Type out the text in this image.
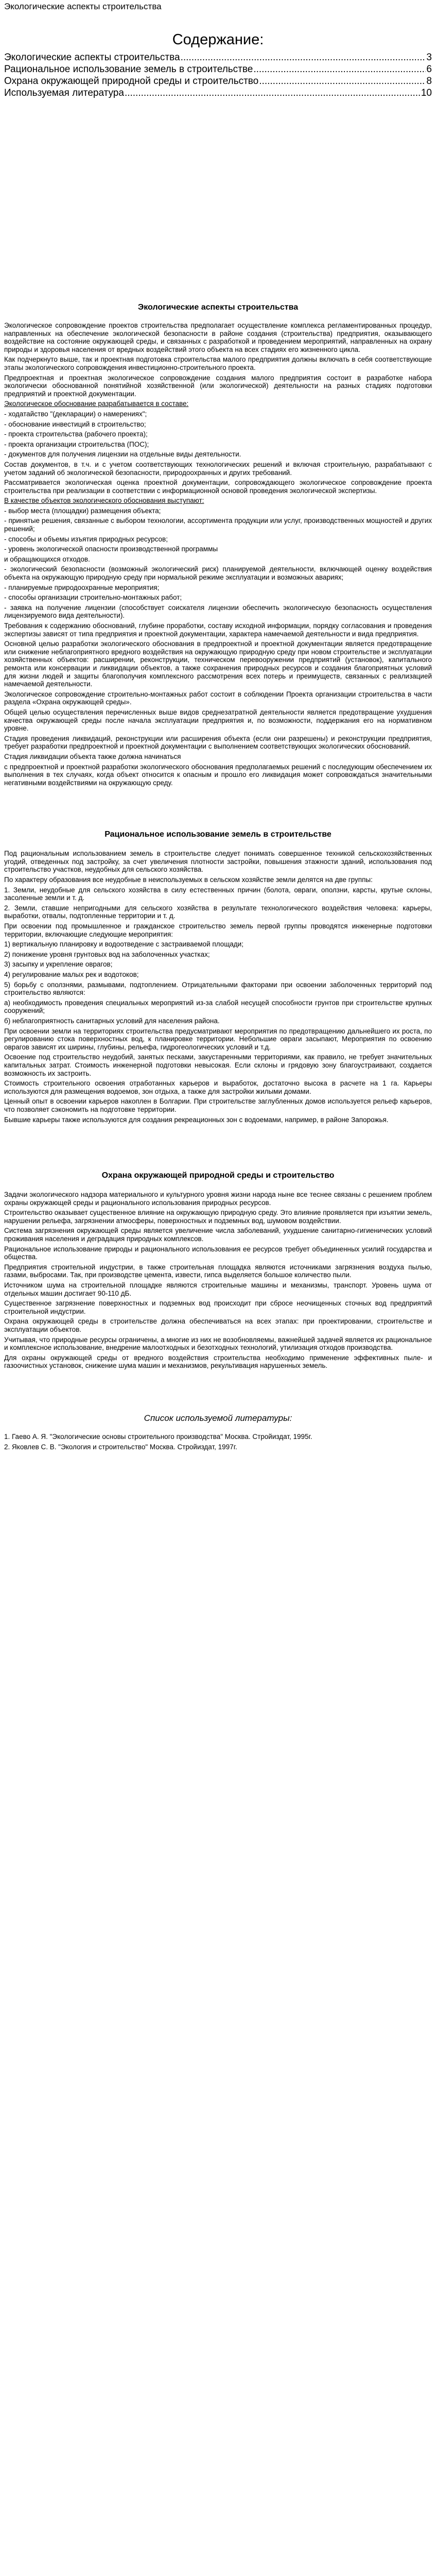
Экологические аспекты строительства
Содержание:
Экологические аспекты строительства .....	3
Рациональное использование земель в строительстве .....	6
Охрана окружающей природной среды и строительство .....	8
Используемая литература .....	10
Экологические аспекты строительства

Экологическое сопровождение проектов строительства предполагает осуществление комплекса регламентированных процедур, направленных на обеспечение экологической безопасности в районе создания (строительства) предприятия, оказывающего воздействие на состояние окружающей среды, и связанных с разработкой и проведением мероприятий, направленных на охрану природы и здоровья населения от вредных воздействий этого объекта на всех стадиях его жизненного цикла.

Как подчеркнуто выше, так и проектная подготовка строительства малого предприятия должны включать в себя соответствующие этапы экологического сопровождения инвестиционно-строительного проекта.

Предпроектная и проектная экологическое сопровождение создания малого предприятия состоит в разработке набора экологически обоснованной понятийной хозяйственной (или экологической) деятельности на разных стадиях подготовки предприятий и проектной документации.

Экологическое обоснование разрабатывается в составе:

- ходатайство "(декларации) о намерениях";

- обоснование инвестиций в строительство;

- проекта строительства (рабочего проекта);

- проекта организации строительства (ПОС);

- документов для получения лицензии на отдельные виды деятельности.

Состав документов, в т.ч. и с учетом соответствующих технологических решений и включая строительную, разрабатывают с учетом заданий об экологической безопасности, природоохранных и других требований.

Рассматривается экологическая оценка проектной документации, сопровождающего экологическое сопровождение проекта строительства при реализации в соответствии с информационной основой проведения экологической экспертизы.

В качестве объектов экологического обоснования выступают:

- выбор места (площадки) размещения объекта;

- принятые решения, связанные с выбором технологии, ассортимента продукции или услуг, производственных мощностей и других решений;

- способы и объемы изъятия природных ресурсов;

- уровень экологической опасности производственной программы

и обращающихся отходов.

- экологический безопасности (возможный экологический риск) планируемой деятельности, включающей оценку воздействия объекта на окружающую природную среду при нормальной режиме эксплуатации и возможных авариях;

- планируемые природоохранные мероприятия;

- способы организации строительно-монтажных работ;

- заявка на получение лицензии (способствует соискателя лицензии обеспечить экологическую безопасность осуществления лицензируемого вида деятельности).

Требования к содержанию обоснований, глубине проработки, составу исходной информации, порядку согласования и проведения экспертизы зависят от типа предприятия и проектной документации, характера намечаемой деятельности и вида предприятия.

Основной целью разработки экологического обоснования в предпроектной и проектной документации является предотвращение или снижение неблагоприятного вредного воздействия на окружающую природную среду при новом строительстве и эксплуатации хозяйственных объектов: расширении, реконструкции, техническом перевооружении предприятий (установок), капитального ремонта или консервации и ликвидации объектов, а также сохранения природных ресурсов и создания благоприятных условий для жизни людей и защиты благополучия комплексного рассмотрения всех потерь и преимуществ, связанных с реализацией намечаемой деятельности.

Экологическое сопровождение строительно-монтажных работ состоит в соблюдении Проекта организации строительства в части раздела «Охрана окружающей среды».

Общей целью осуществления перечисленных выше видов среднезатратной деятельности является предотвращение ухудшения качества окружающей среды после начала эксплуатации предприятия и, по возможности, поддержания его на нормативном уровне.

Стадия проведения ликвидаций, реконструкции или расширения объекта (если они разрешены) и реконструкции предприятия, требует разработки предпроектной и проектной документации с выполнением соответствующих экологических обоснований.

Стадия ликвидации объекта также должна начинаться

с предпроектной и проектной разработки экологического обоснования предполагаемых решений с последующим обеспечением их выполнения в тех случаях, когда объект относится к опасным и прошло его ликвидация может сопровождаться значительными негативными воздействиями на окружающую среду.

Рациональное использование земель в строительстве

Под рациональным использованием земель в строительстве следует понимать совершенное техникой сельскохозяйственных угодий, отведенных под застройку, за счет увеличения плотности застройки, повышения этажности зданий, использования под строительство участков, неудобных для сельского хозяйства.

По характеру образования все неудобные в неиспользуемых в сельском хозяйстве земли делятся на две группы:

1. Земли, неудобные для сельского хозяйства в силу естественных причин (болота, овраги, оползни, карсты, крутые склоны, засоленные земли и т. д.

2. Земли, ставшие непригодными для сельского хозяйства в результате технологического воздействия человека: карьеры, выработки, отвалы, подтопленные территории и т. д.

При освоении под промышленное и гражданское строительство земель первой группы проводятся инженерные подготовки территории, включающие следующие мероприятия:

1) вертикальную планировку и водоотведение с застраиваемой площади;

2) понижение уровня грунтовых вод на заболоченных участках;

3) засыпку и укрепление оврагов;

4) регулирование малых рек и водотоков;

5) борьбу с оползнями, размывами, подтоплением. Отрицательными факторами при освоении заболоченных территорий под строительство являются:

а) необходимость проведения специальных мероприятий из-за слабой несущей способности грунтов при строительстве крупных сооружений;

б) неблагоприятность санитарных условий для населения района.

При освоении земли на территориях строительства предусматривают мероприятия по предотвращению дальнейшего их роста, по регулированию стока поверхностных вод, к планировке территории. Небольшие овраги засыпают, Мероприятия по освоению оврагов зависят их ширины, глубины, рельефа, гидрогеологических условий и т.д.

Освоение под строительство неудобий, занятых песками, закустаренными территориями, как правило, не требует значительных капитальных затрат. Стоимость инженерной подготовки невысокая. Если склоны и грядовую зону благоустраивают, создается возможность их застроить.

Стоимость строительного освоения отработанных карьеров и выработок, достаточно высока в расчете на 1 га. Карьеры используются для размещения водоемов, зон отдыха, а также для застройки жилыми домами.

Ценный опыт в освоении карьеров накоплен в Болгарии. При строительстве заглубленных домов используется рельеф карьеров, что позволяет сэкономить на подготовке территории.

Бывшие карьеры также используются для создания рекреационных зон с водоемами, например, в районе Запорожья.

Охрана окружающей природной среды и строительство

Задачи экологического надзора материального и культурного уровня жизни народа ныне все теснее связаны с решением проблем охраны окружающей среды и рационального использования природных ресурсов.

Строительство оказывает существенное влияние на окружающую природную среду. Это влияние проявляется при изъятии земель, нарушении рельефа, загрязнении атмосферы, поверхностных и подземных вод, шумовом воздействии.

Система загрязнения окружающей среды является увеличение числа заболеваний, ухудшение санитарно-гигиенических условий проживания населения и деградация природных комплексов.

Рациональное использование природы и рационального использования ее ресурсов требует объединенных усилий государства и общества.

Предприятия строительной индустрии, в также строительная площадка являются источниками загрязнения воздуха пылью, газами, выбросами. Так, при производстве цемента, извести, гипса выделяется большое количество пыли.

Источником шума на строительной площадке являются строительные машины и механизмы, транспорт. Уровень шума от отдельных машин достигает 90-110 дБ.

Существенное загрязнение поверхностных и подземных вод происходит при сбросе неочищенных сточных вод предприятий строительной индустрии.

Охрана окружающей среды в строительстве должна обеспечиваться на всех этапах: при проектировании, строительстве и эксплуатации объектов.

Учитывая, что природные ресурсы ограничены, а многие из них не возобновляемы, важнейшей задачей является их рациональное и комплексное использование, внедрение малоотходных и безотходных технологий, утилизация отходов производства.

Для охраны окружающей среды от вредного воздействия строительства необходимо применение эффективных пыле- и газоочистных установок, снижение шума машин и механизмов, рекультивация нарушенных земель.

Список используемой литературы:

1. Гаево А. Я. "Экологические основы строительного производства" Москва. Стройиздат, 1995г.

2. Яковлев С. В. "Экология и строительство" Москва. Стройиздат, 1997г.
